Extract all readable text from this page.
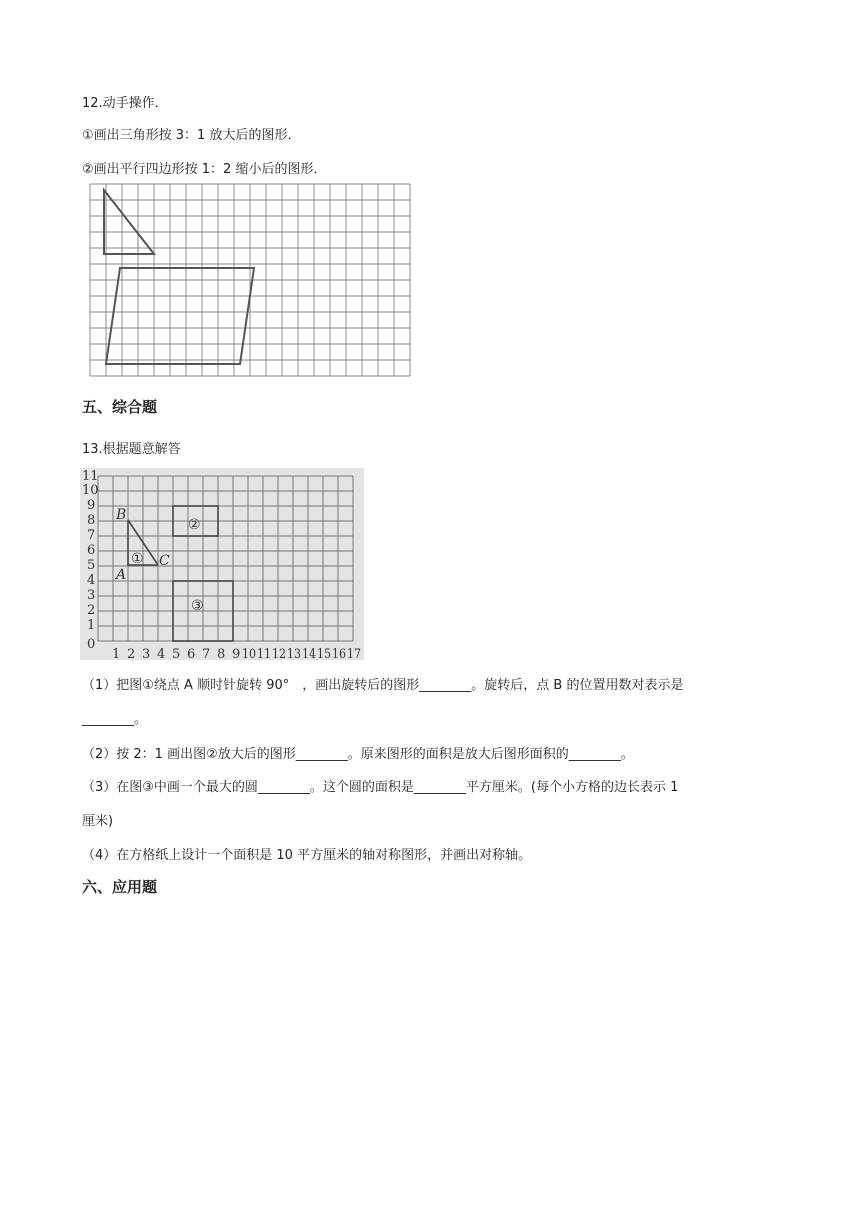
12.动手操作．
①画出三角形按 3：1 放大后的图形．
②画出平行四边形按 1：2 缩小后的图形．
五、综合题
13.根据题意解答
11
10
9
8
7
6
5
4
3
2
1
0
1 2 3 4 5 6 7 8 9 10 11 12 13 14 15 16 17
B
A
C
①
②
③
（1）把图①绕点 A 顺时针旋转 90°　，画出旋转后的图形________。旋转后，点 B 的位置用数对表示是
________。
（2）按 2：1 画出图②放大后的图形________。原来图形的面积是放大后图形面积的________。
（3）在图③中画一个最大的圆________。这个圆的面积是________平方厘米。(每个小方格的边长表示 1
厘米)
（4）在方格纸上设计一个面积是 10 平方厘米的轴对称图形，并画出对称轴。
六、应用题
